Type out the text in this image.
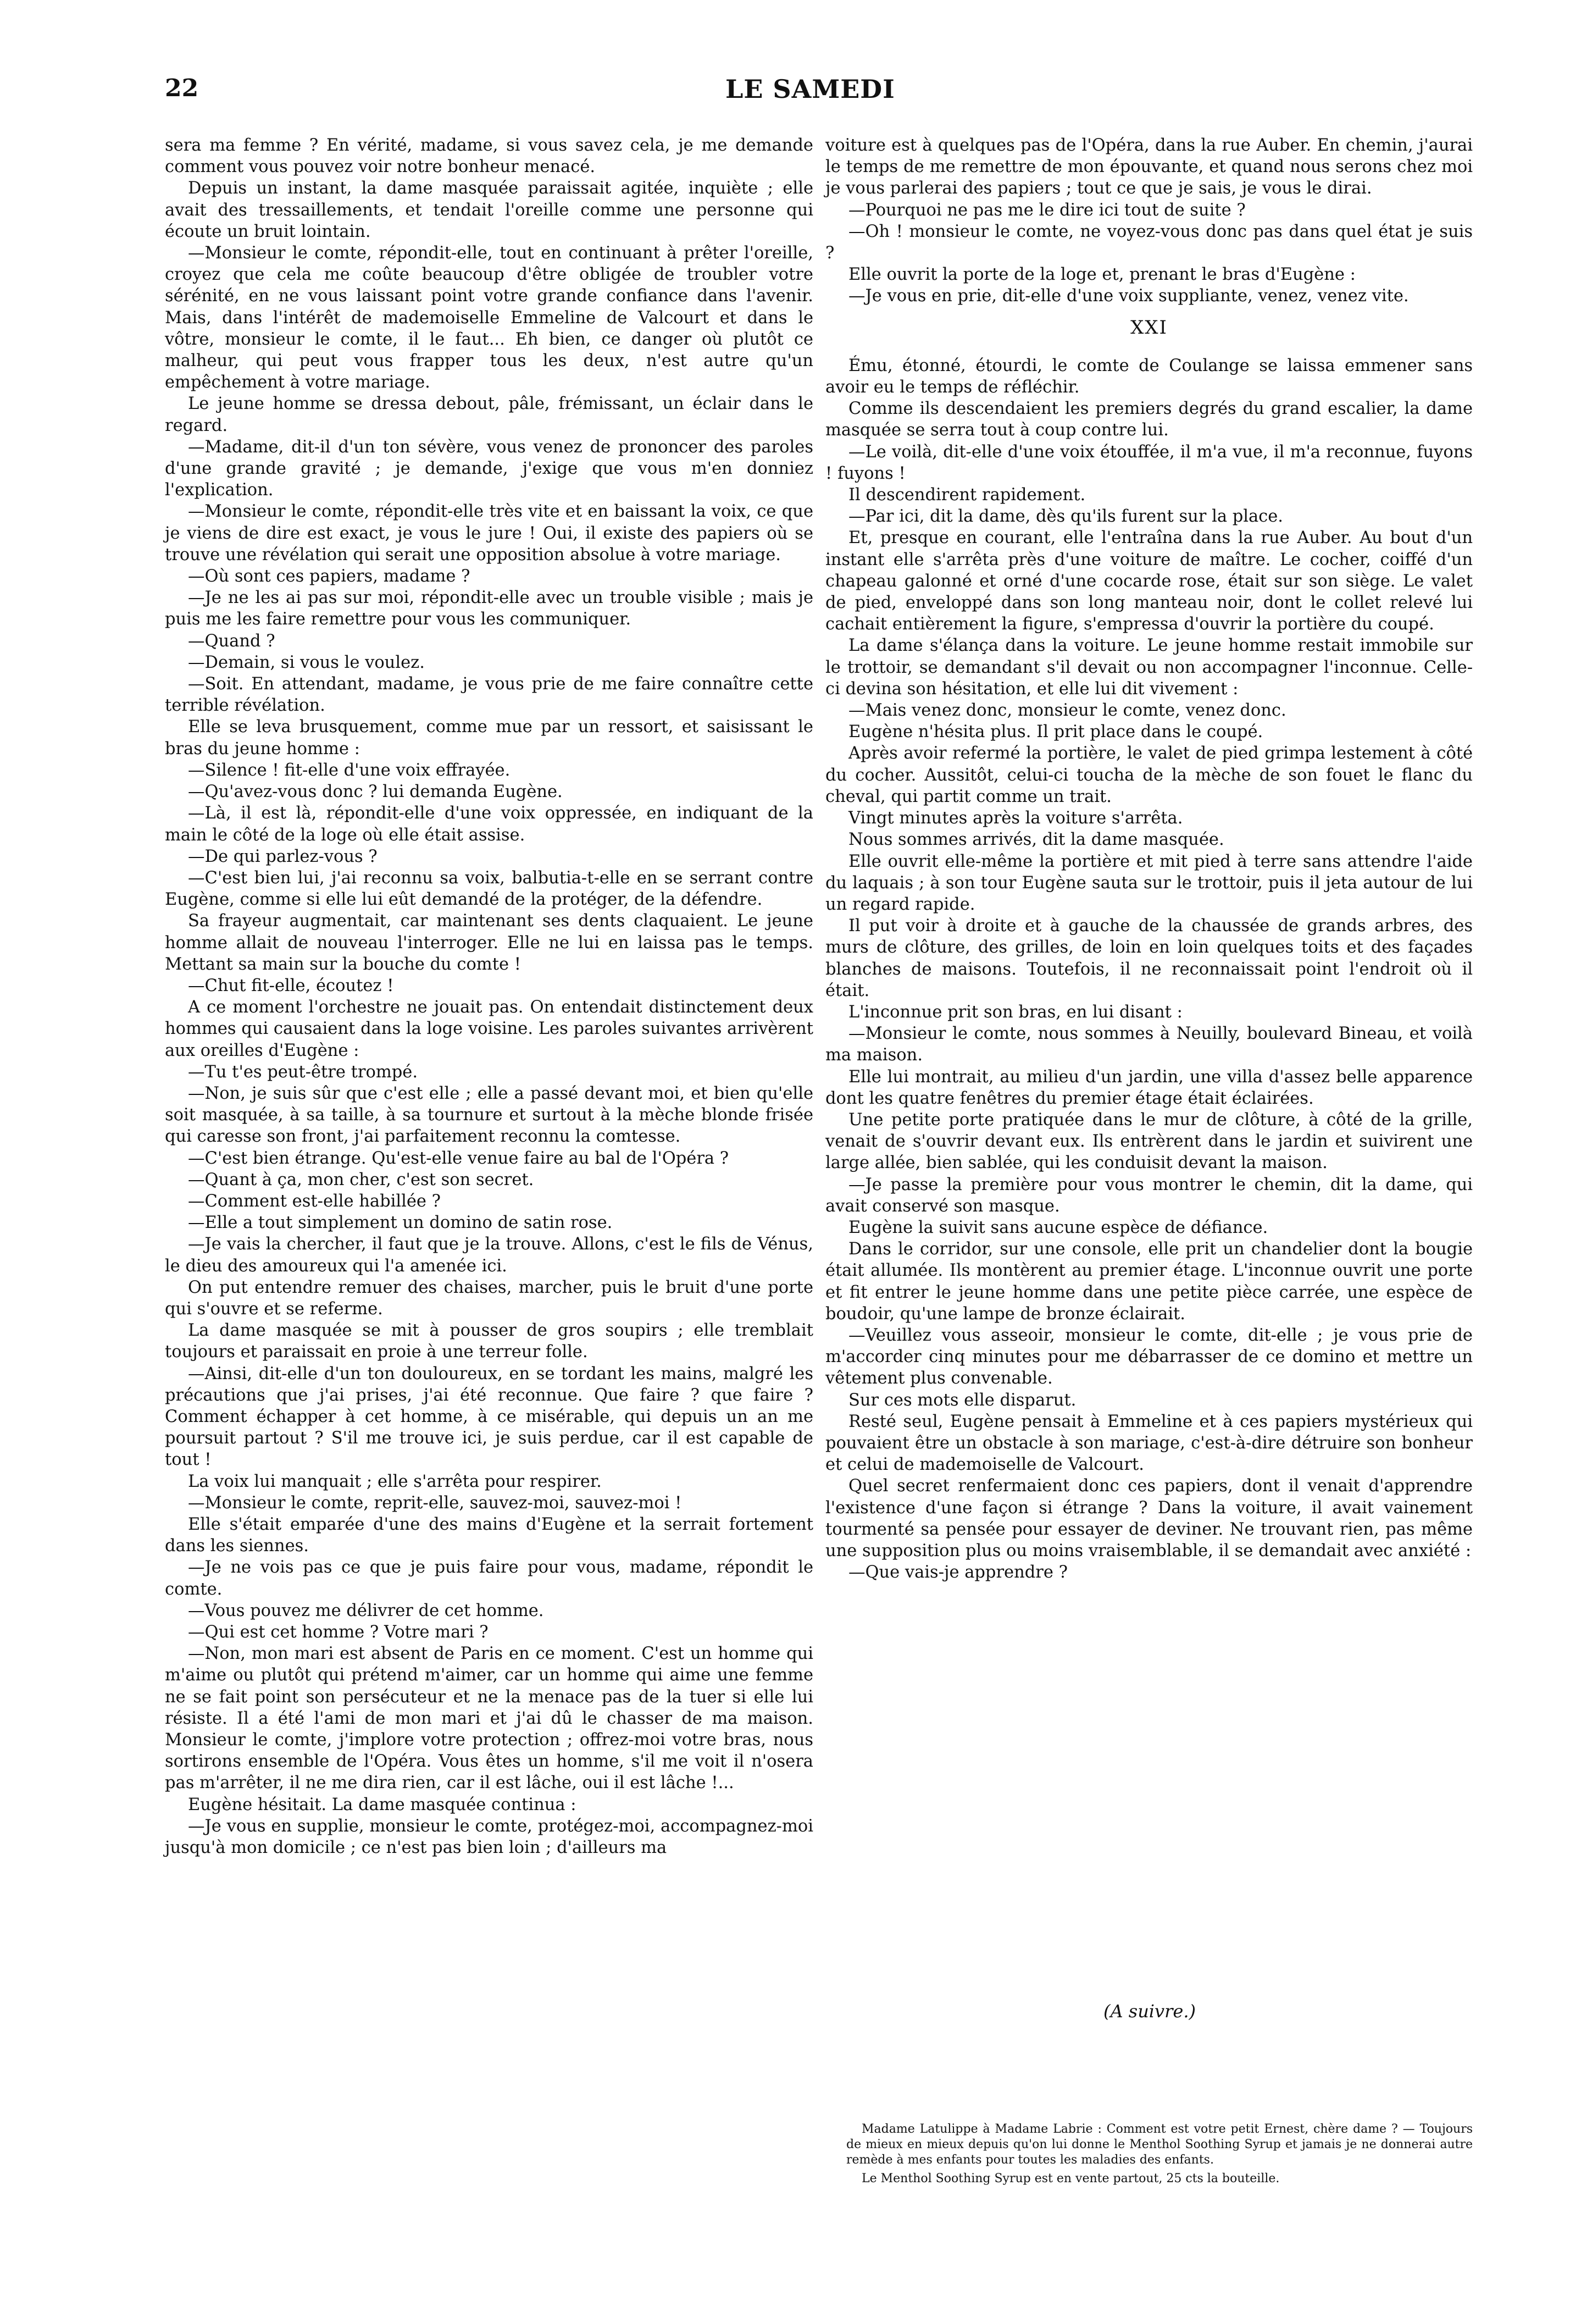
22	LE SAMEDI

sera ma femme ? En vérité, madame, si vous savez cela, je me demande comment vous pouvez voir notre bonheur menacé.

Depuis un instant, la dame masquée paraissait agitée, inquiète ; elle avait des tressaillements, et tendait l'oreille comme une personne qui écoute un bruit lointain.

—Monsieur le comte, répondit-elle, tout en continuant à prêter l'oreille, croyez que cela me coûte beaucoup d'être obligée de troubler votre sérénité, en ne vous laissant point votre grande confiance dans l'avenir. Mais, dans l'intérêt de mademoiselle Emmeline de Valcourt et dans le vôtre, monsieur le comte, il le faut... Eh bien, ce danger où plutôt ce malheur, qui peut vous frapper tous les deux, n'est autre qu'un empêchement à votre mariage.

Le jeune homme se dressa debout, pâle, frémissant, un éclair dans le regard.

—Madame, dit-il d'un ton sévère, vous venez de prononcer des paroles d'une grande gravité ; je demande, j'exige que vous m'en donniez l'explication.

—Monsieur le comte, répondit-elle très vite et en baissant la voix, ce que je viens de dire est exact, je vous le jure ! Oui, il existe des papiers où se trouve une révélation qui serait une opposition absolue à votre mariage.

—Où sont ces papiers, madame ?

—Je ne les ai pas sur moi, répondit-elle avec un trouble visible ; mais je puis me les faire remettre pour vous les communiquer.

—Quand ?

—Demain, si vous le voulez.

—Soit. En attendant, madame, je vous prie de me faire connaître cette terrible révélation.

Elle se leva brusquement, comme mue par un ressort, et saisissant le bras du jeune homme :

—Silence ! fit-elle d'une voix effrayée.

—Qu'avez-vous donc ? lui demanda Eugène.

—Là, il est là, répondit-elle d'une voix oppressée, en indiquant de la main le côté de la loge où elle était assise.

—De qui parlez-vous ?

—C'est bien lui, j'ai reconnu sa voix, balbutia-t-elle en se serrant contre Eugène, comme si elle lui eût demandé de la protéger, de la défendre.

Sa frayeur augmentait, car maintenant ses dents claquaient. Le jeune homme allait de nouveau l'interroger. Elle ne lui en laissa pas le temps. Mettant sa main sur la bouche du comte !

—Chut fit-elle, écoutez !

A ce moment l'orchestre ne jouait pas. On entendait distinctement deux hommes qui causaient dans la loge voisine. Les paroles suivantes arrivèrent aux oreilles d'Eugène :

—Tu t'es peut-être trompé.

—Non, je suis sûr que c'est elle ; elle a passé devant moi, et bien qu'elle soit masquée, à sa taille, à sa tournure et surtout à la mèche blonde frisée qui caresse son front, j'ai parfaitement reconnu la comtesse.

—C'est bien étrange. Qu'est-elle venue faire au bal de l'Opéra ?

—Quant à ça, mon cher, c'est son secret.

—Comment est-elle habillée ?

—Elle a tout simplement un domino de satin rose.

—Je vais la chercher, il faut que je la trouve. Allons, c'est le fils de Vénus, le dieu des amoureux qui l'a amenée ici.

On put entendre remuer des chaises, marcher, puis le bruit d'une porte qui s'ouvre et se referme.

La dame masquée se mit à pousser de gros soupirs ; elle tremblait toujours et paraissait en proie à une terreur folle.

—Ainsi, dit-elle d'un ton douloureux, en se tordant les mains, malgré les précautions que j'ai prises, j'ai été reconnue. Que faire ? que faire ? Comment échapper à cet homme, à ce misérable, qui depuis un an me poursuit partout ? S'il me trouve ici, je suis perdue, car il est capable de tout !

La voix lui manquait ; elle s'arrêta pour respirer.

—Monsieur le comte, reprit-elle, sauvez-moi, sauvez-moi !

Elle s'était emparée d'une des mains d'Eugène et la serrait fortement dans les siennes.

—Je ne vois pas ce que je puis faire pour vous, madame, répondit le comte.

—Vous pouvez me délivrer de cet homme.

—Qui est cet homme ? Votre mari ?

—Non, mon mari est absent de Paris en ce moment. C'est un homme qui m'aime ou plutôt qui prétend m'aimer, car un homme qui aime une femme ne se fait point son persécuteur et ne la menace pas de la tuer si elle lui résiste. Il a été l'ami de mon mari et j'ai dû le chasser de ma maison. Monsieur le comte, j'implore votre protection ; offrez-moi votre bras, nous sortirons ensemble de l'Opéra. Vous êtes un homme, s'il me voit il n'osera pas m'arrêter, il ne me dira rien, car il est lâche, oui il est lâche !...

Eugène hésitait. La dame masquée continua :

—Je vous en supplie, monsieur le comte, protégez-moi, accompagnez-moi jusqu'à mon domicile ; ce n'est pas bien loin ; d'ailleurs ma

voiture est à quelques pas de l'Opéra, dans la rue Auber. En chemin, j'aurai le temps de me remettre de mon épouvante, et quand nous serons chez moi je vous parlerai des papiers ; tout ce que je sais, je vous le dirai.

—Pourquoi ne pas me le dire ici tout de suite ?

—Oh ! monsieur le comte, ne voyez-vous donc pas dans quel état je suis ?

Elle ouvrit la porte de la loge et, prenant le bras d'Eugène :

—Je vous en prie, dit-elle d'une voix suppliante, venez, venez vite.

XXI

Ému, étonné, étourdi, le comte de Coulange se laissa emmener sans avoir eu le temps de réfléchir.

Comme ils descendaient les premiers degrés du grand escalier, la dame masquée se serra tout à coup contre lui.

—Le voilà, dit-elle d'une voix étouffée, il m'a vue, il m'a reconnue, fuyons ! fuyons !

Il descendirent rapidement.

—Par ici, dit la dame, dès qu'ils furent sur la place.

Et, presque en courant, elle l'entraîna dans la rue Auber. Au bout d'un instant elle s'arrêta près d'une voiture de maître. Le cocher, coiffé d'un chapeau galonné et orné d'une cocarde rose, était sur son siège. Le valet de pied, enveloppé dans son long manteau noir, dont le collet relevé lui cachait entièrement la figure, s'empressa d'ouvrir la portière du coupé.

La dame s'élança dans la voiture. Le jeune homme restait immobile sur le trottoir, se demandant s'il devait ou non accompagner l'inconnue. Celle-ci devina son hésitation, et elle lui dit vivement :

—Mais venez donc, monsieur le comte, venez donc.

Eugène n'hésita plus. Il prit place dans le coupé.

Après avoir refermé la portière, le valet de pied grimpa lestement à côté du cocher. Aussitôt, celui-ci toucha de la mèche de son fouet le flanc du cheval, qui partit comme un trait.

Vingt minutes après la voiture s'arrêta.

Nous sommes arrivés, dit la dame masquée.

Elle ouvrit elle-même la portière et mit pied à terre sans attendre l'aide du laquais ; à son tour Eugène sauta sur le trottoir, puis il jeta autour de lui un regard rapide.

Il put voir à droite et à gauche de la chaussée de grands arbres, des murs de clôture, des grilles, de loin en loin quelques toits et des façades blanches de maisons. Toutefois, il ne reconnaissait point l'endroit où il était.

L'inconnue prit son bras, en lui disant :

—Monsieur le comte, nous sommes à Neuilly, boulevard Bineau, et voilà ma maison.

Elle lui montrait, au milieu d'un jardin, une villa d'assez belle apparence dont les quatre fenêtres du premier étage était éclairées.

Une petite porte pratiquée dans le mur de clôture, à côté de la grille, venait de s'ouvrir devant eux. Ils entrèrent dans le jardin et suivirent une large allée, bien sablée, qui les conduisit devant la maison.

—Je passe la première pour vous montrer le chemin, dit la dame, qui avait conservé son masque.

Eugène la suivit sans aucune espèce de défiance.

Dans le corridor, sur une console, elle prit un chandelier dont la bougie était allumée. Ils montèrent au premier étage. L'inconnue ouvrit une porte et fit entrer le jeune homme dans une petite pièce carrée, une espèce de boudoir, qu'une lampe de bronze éclairait.

—Veuillez vous asseoir, monsieur le comte, dit-elle ; je vous prie de m'accorder cinq minutes pour me débarrasser de ce domino et mettre un vêtement plus convenable.

Sur ces mots elle disparut.

Resté seul, Eugène pensait à Emmeline et à ces papiers mystérieux qui pouvaient être un obstacle à son mariage, c'est-à-dire détruire son bonheur et celui de mademoiselle de Valcourt.

Quel secret renfermaient donc ces papiers, dont il venait d'apprendre l'existence d'une façon si étrange ? Dans la voiture, il avait vainement tourmenté sa pensée pour essayer de deviner. Ne trouvant rien, pas même une supposition plus ou moins vraisemblable, il se demandait avec anxiété :

—Que vais-je apprendre ?

(A suivre.)

Madame Latulippe à Madame Labrie : Comment est votre petit Ernest, chère dame ? — Toujours de mieux en mieux depuis qu'on lui donne le Menthol Soothing Syrup et jamais je ne donnerai autre remède à mes enfants pour toutes les maladies des enfants.

Le Menthol Soothing Syrup est en vente partout, 25 cts la bouteille.
